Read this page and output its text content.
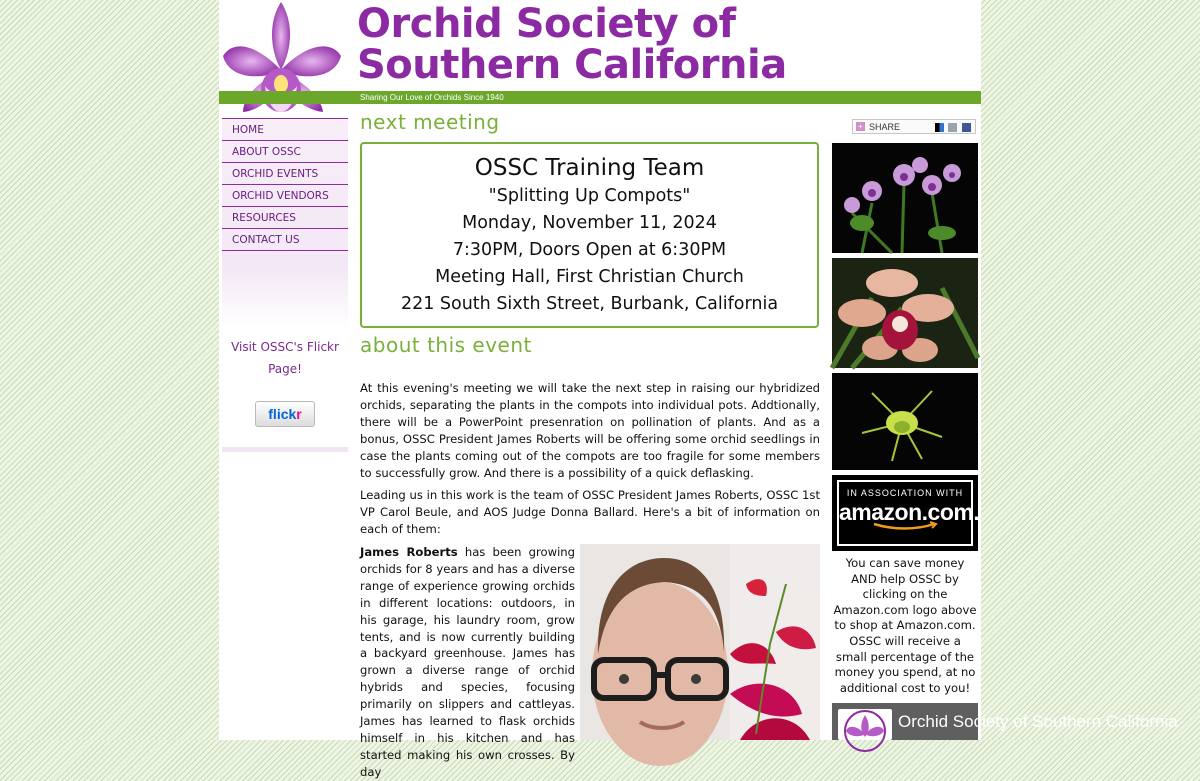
Orchid Society of
Southern California
Sharing Our Love of Orchids Since 1940
HOME
ABOUT OSSC
ORCHID EVENTS
ORCHID VENDORS
RESOURCES
CONTACT US
Visit OSSC's Flickr Page!
flickr
next meeting	+ SHARE

OSSC Training Team
"Splitting Up Compots"
Monday, November 11, 2024
7:30PM, Doors Open at 6:30PM
Meeting Hall, First Christian Church
221 South Sixth Street, Burbank, California
about this event

At this evening's meeting we will take the next step in raising our hybridized orchids, separating the plants in the compots into individual pots. Addtionally, there will be a PowerPoint presenration on pollination of plants. And as a bonus, OSSC President James Roberts will be offering some orchid seedlings in case the plants coming out of the compots are too fragile for some members to successfully grow. And there is a possibility of a quick deflasking.

Leading us in this work is the team of OSSC President James Roberts, OSSC 1st VP Carol Beule, and AOS Judge Donna Ballard. Here's a bit of information on each of them:

James Roberts has been growing orchids for 8 years and has a diverse range of experience growing orchids in different locations: outdoors, in his garage, his laundry room, grow tents, and is now currently building a backyard greenhouse. James has grown a diverse range of orchid hybrids and species, focusing primarily on slippers and cattleyas. James has learned to flask orchids himself in his kitchen and has started making his own crosses. By day

IN ASSOCIATION WITH
amazon.com.
You can save money AND help OSSC by clicking on the Amazon.com logo above to shop at Amazon.com. OSSC will receive a small percentage of the money you spend, at no additional cost to you!
Orchid Society of Southern California
